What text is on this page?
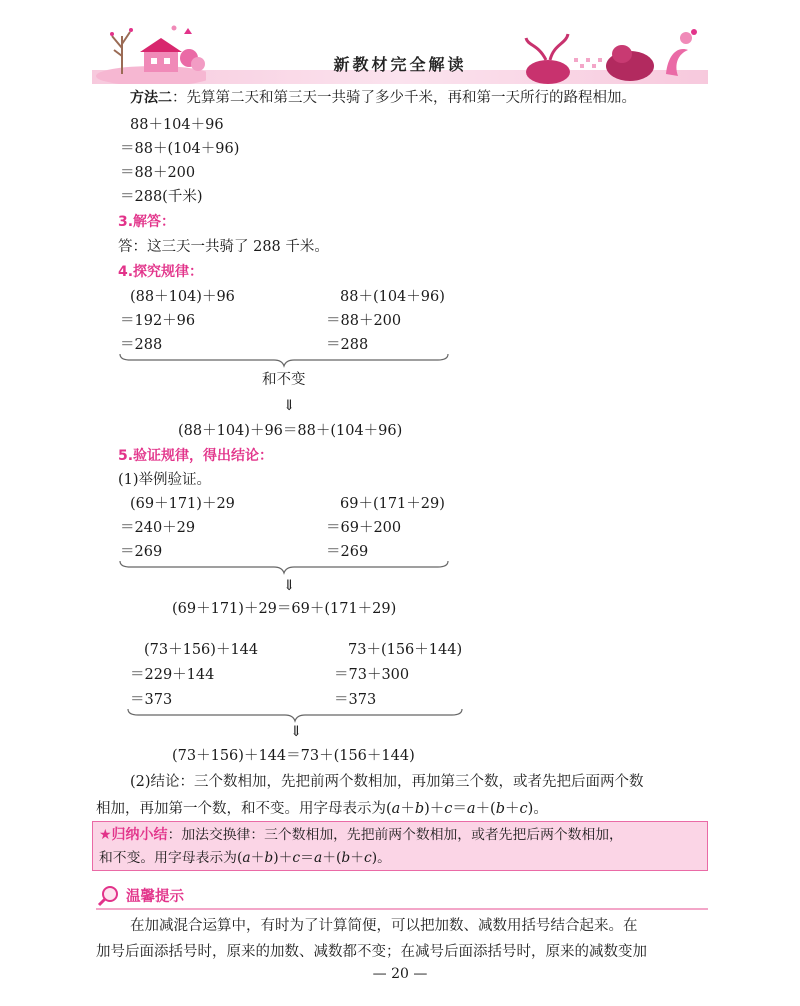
新教材完全解读
方法二：先算第二天和第三天一共骑了多少千米，再和第一天所行的路程相加。
88＋104＋96
＝88＋(104＋96)
＝88＋200
＝288(千米)
3.解答：
答：这三天一共骑了 288 千米。
4.探究规律：
(88＋104)＋96
＝192＋96
＝288
88＋(104＋96)
＝88＋200
＝288
和不变
⇓
(88＋104)＋96＝88＋(104＋96)
5.验证规律，得出结论：
(1)举例验证。
(69＋171)＋29
＝240＋29
＝269
69＋(171＋29)
＝69＋200
＝269
⇓
(69＋171)＋29＝69＋(171＋29)
(73＋156)＋144
＝229＋144
＝373
73＋(156＋144)
＝73＋300
＝373
⇓
(73＋156)＋144＝73＋(156＋144)
(2)结论：三个数相加，先把前两个数相加，再加第三个数，或者先把后面两个数
相加，再加第一个数，和不变。用字母表示为(a＋b)＋c＝a＋(b＋c)。
★归纳小结：加法交换律：三个数相加，先把前两个数相加，或者先把后两个数相加，
和不变。用字母表示为(a＋b)＋c＝a＋(b＋c)。
温馨提示
在加减混合运算中，有时为了计算简便，可以把加数、减数用括号结合起来。在
加号后面添括号时，原来的加数、减数都不变；在减号后面添括号时，原来的减数变加
— 20 —
